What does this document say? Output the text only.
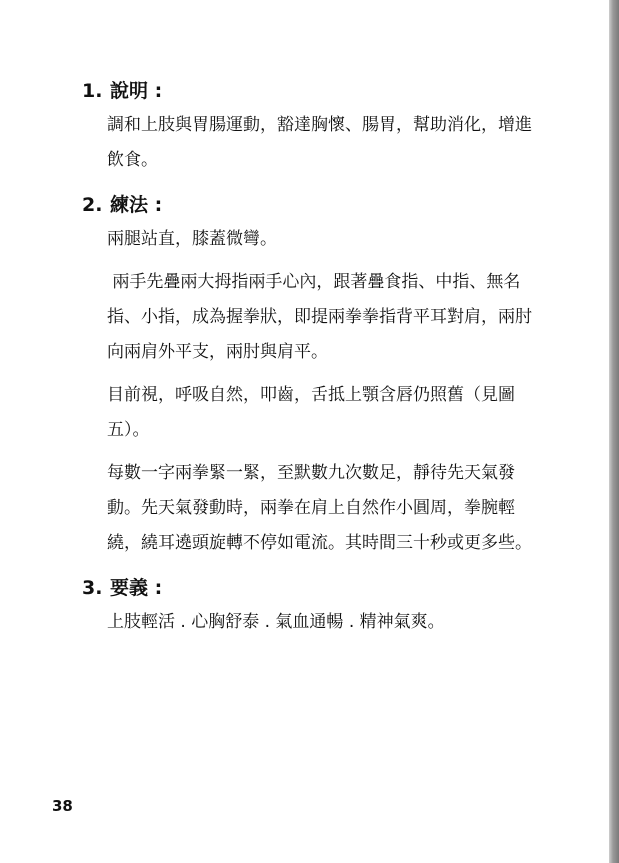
1. 說明 :
調和上肢與胃腸運動，豁達胸懷、腸胃，幫助消化，增進飲食。
2. 練法 :
兩腿站直，膝蓋微彎。
兩手先疊兩大拇指兩手心內，跟著疊食指、中指、無名指、小指，成為握拳狀，即提兩拳拳指背平耳對肩，兩肘向兩肩外平支，兩肘與肩平。
目前視，呼吸自然，叩齒，舌抵上顎含唇仍照舊（見圖五）。
每數一字兩拳緊一緊，至默數九次數足，靜待先天氣發動。先天氣發動時，兩拳在肩上自然作小圓周，拳腕輕繞，繞耳遶頭旋轉不停如電流。其時間三十秒或更多些。
3. 要義 :
上肢輕活 . 心胸舒泰 . 氣血通暢 . 精神氣爽。
38
